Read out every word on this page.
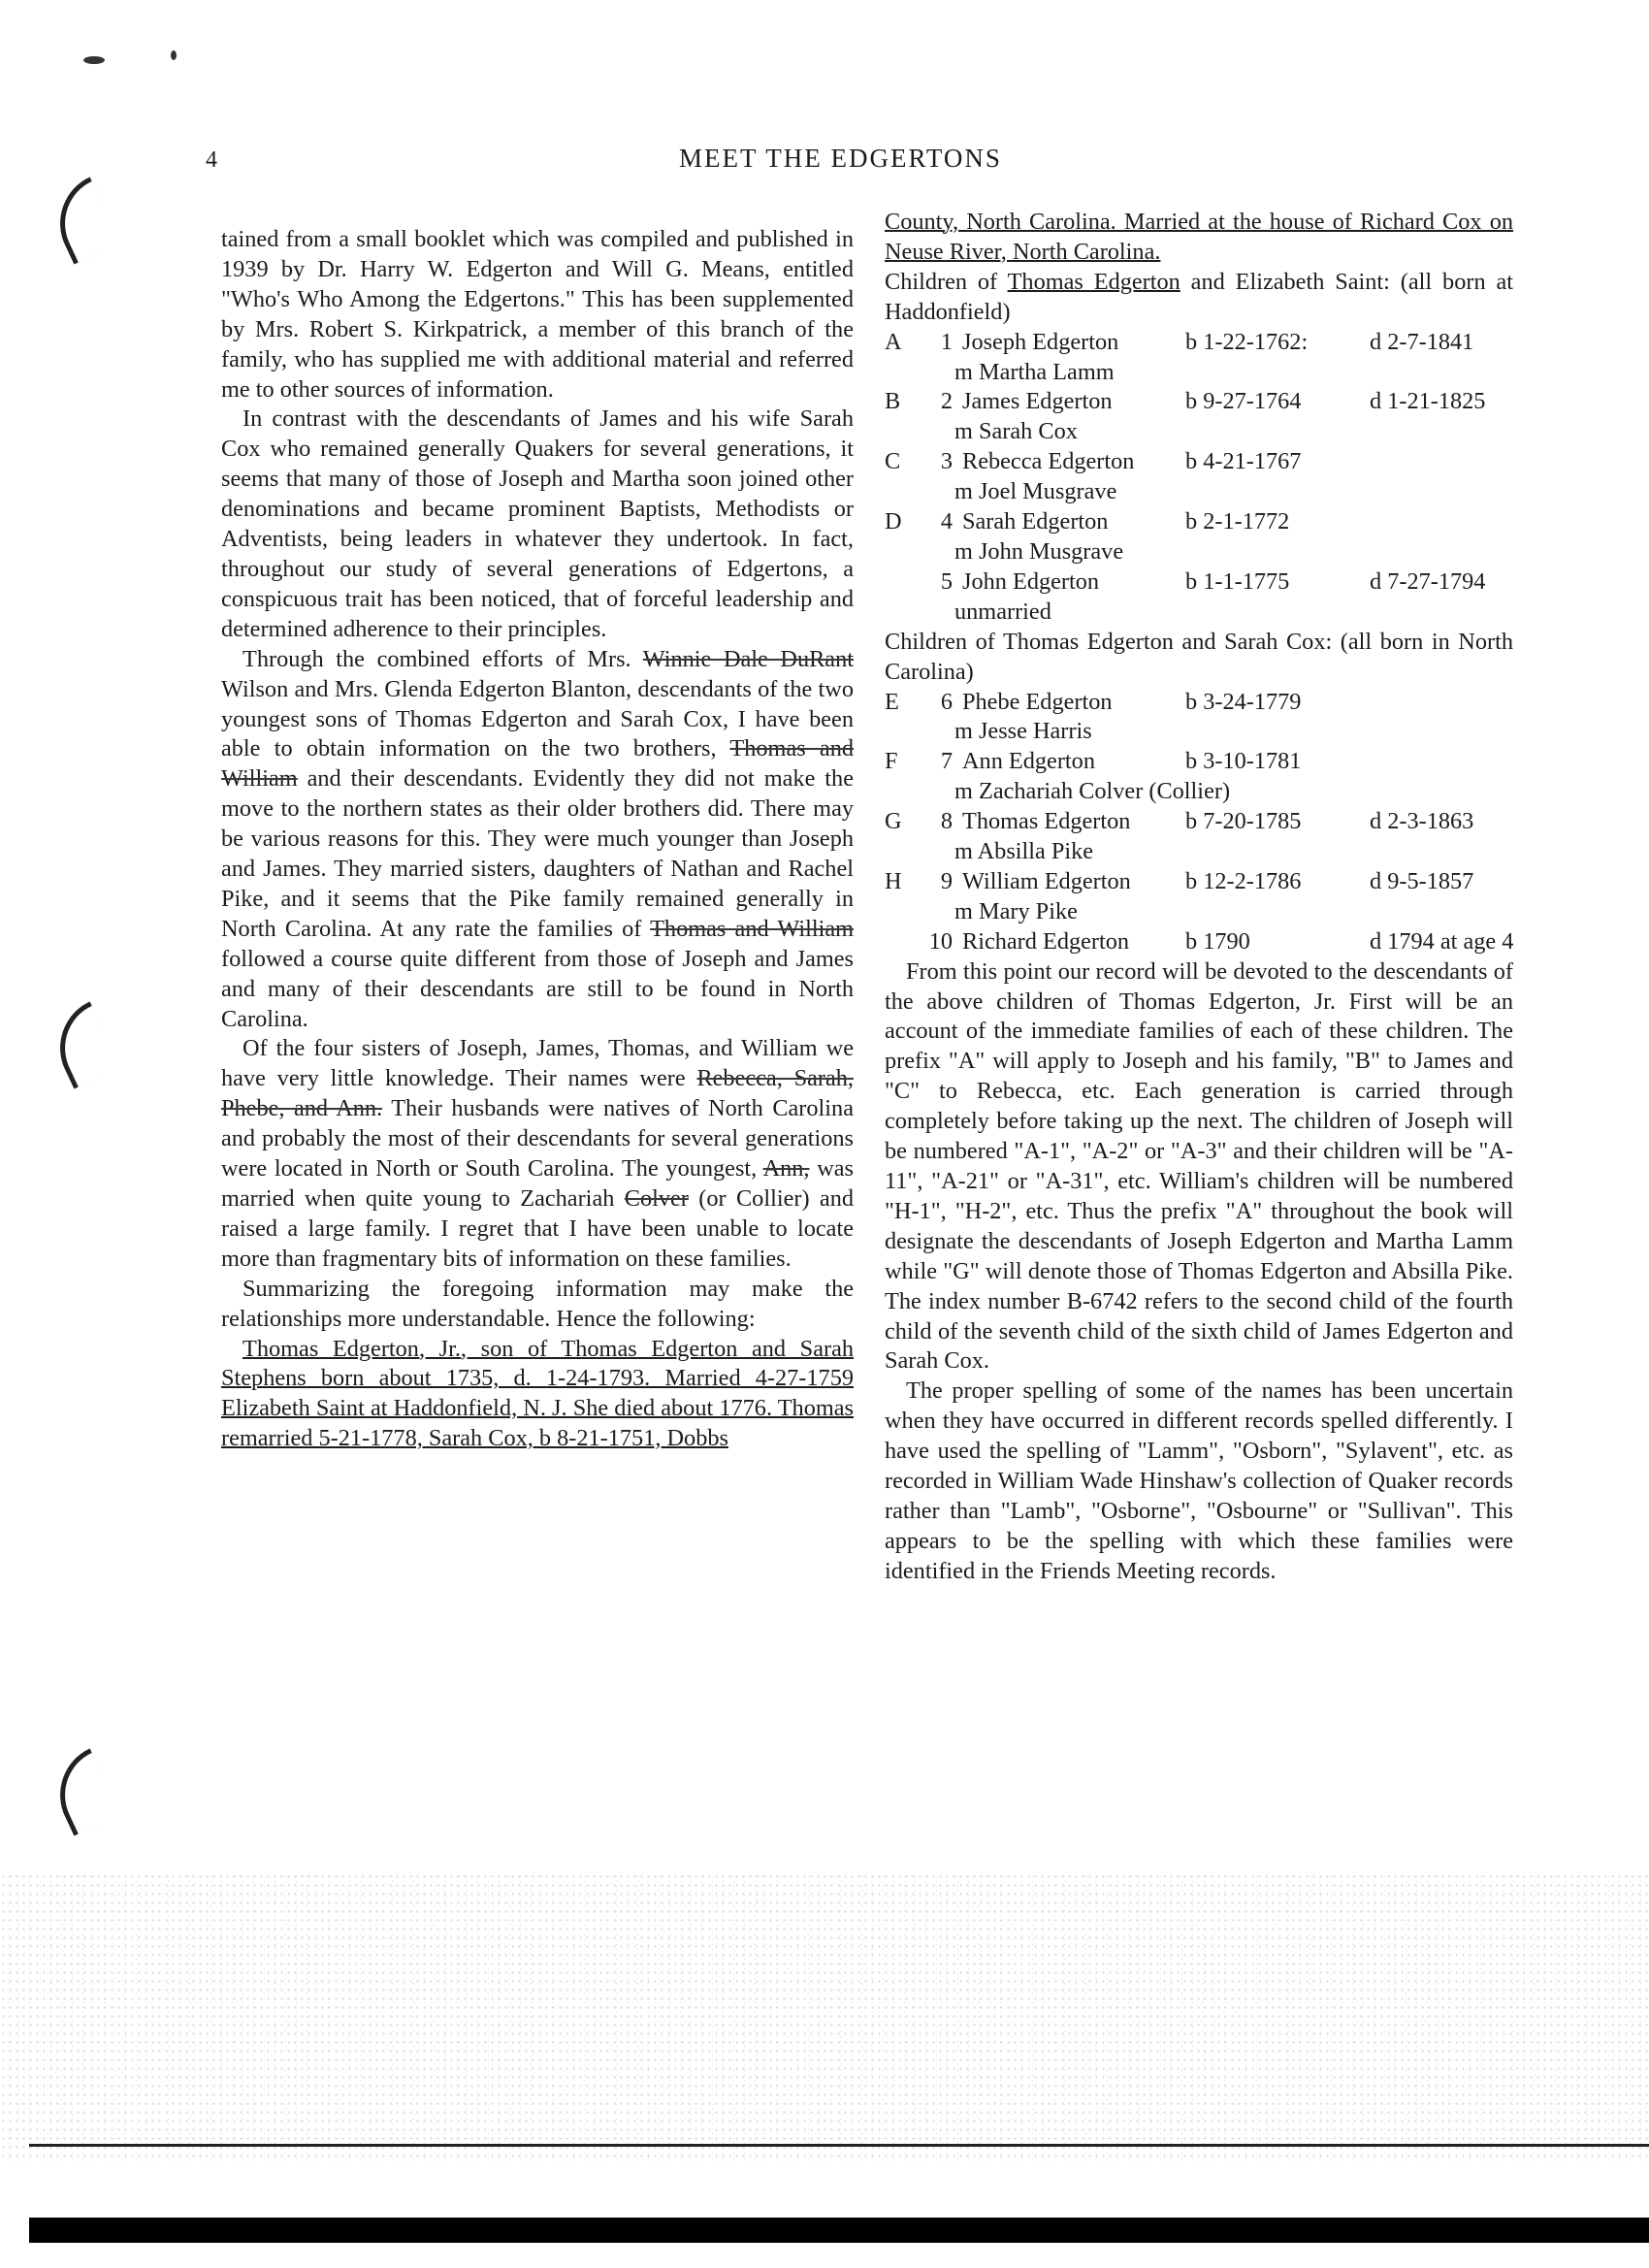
4	MEET THE EDGERTONS

tained from a small booklet which was compiled and published in 1939 by Dr. Harry W. Edgerton and Will G. Means, entitled "Who's Who Among the Edgertons." This has been supplemented by Mrs. Robert S. Kirkpatrick, a member of this branch of the family, who has supplied me with additional material and referred me to other sources of information.

In contrast with the descendants of James and his wife Sarah Cox who remained generally Quakers for several generations, it seems that many of those of Joseph and Martha soon joined other denominations and became prominent Baptists, Methodists or Adventists, being leaders in whatever they undertook. In fact, throughout our study of several generations of Edgertons, a conspicuous trait has been noticed, that of forceful leadership and determined adherence to their principles.

Through the combined efforts of Mrs. Winnie Dale DuRant Wilson and Mrs. Glenda Edgerton Blanton, descendants of the two youngest sons of Thomas Edgerton and Sarah Cox, I have been able to obtain information on the two brothers, Thomas and William and their descendants. Evidently they did not make the move to the northern states as their older brothers did. There may be various reasons for this. They were much younger than Joseph and James. They married sisters, daughters of Nathan and Rachel Pike, and it seems that the Pike family remained generally in North Carolina. At any rate the families of Thomas and William followed a course quite different from those of Joseph and James and many of their descendants are still to be found in North Carolina.

Of the four sisters of Joseph, James, Thomas, and William we have very little knowledge. Their names were Rebecca, Sarah, Phebe, and Ann. Their husbands were natives of North Carolina and probably the most of their descendants for several generations were located in North or South Carolina. The youngest, Ann, was married when quite young to Zachariah Colver (or Collier) and raised a large family. I regret that I have been unable to locate more than fragmentary bits of information on these families.

Summarizing the foregoing information may make the relationships more understandable. Hence the following:

Thomas Edgerton, Jr., son of Thomas Edgerton and Sarah Stephens born about 1735, d. 1-24-1793. Married 4-27-1759 Elizabeth Saint at Haddonfield, N. J. She died about 1776. Thomas remarried 5-21-1778, Sarah Cox, b 8-21-1751, Dobbs

County, North Carolina. Married at the house of Richard Cox on Neuse River, North Carolina.

Children of Thomas Edgerton and Elizabeth Saint: (all born at Haddonfield)

A	1 Joseph Edgerton	b 1-22-1762:	d 2-7-1841
m Martha Lamm
B	2 James Edgerton	b 9-27-1764	d 1-21-1825
m Sarah Cox
C	3 Rebecca Edgerton	b 4-21-1767
m Joel Musgrave
D	4 Sarah Edgerton	b 2-1-1772
m John Musgrave
5 John Edgerton	b 1-1-1775	d 7-27-1794
unmarried

Children of Thomas Edgerton and Sarah Cox: (all born in North Carolina)

E	6 Phebe Edgerton	b 3-24-1779
m Jesse Harris
F	7 Ann Edgerton	b 3-10-1781
m Zachariah Colver (Collier)
G	8 Thomas Edgerton	b 7-20-1785	d 2-3-1863
m Absilla Pike
H	9 William Edgerton	b 12-2-1786	d 9-5-1857
m Mary Pike
10 Richard Edgerton	b 1790	d 1794 at age 4

From this point our record will be devoted to the descendants of the above children of Thomas Edgerton, Jr. First will be an account of the immediate families of each of these children. The prefix "A" will apply to Joseph and his family, "B" to James and "C" to Rebecca, etc. Each generation is carried through completely before taking up the next. The children of Joseph will be numbered "A-1", "A-2" or "A-3" and their children will be "A-11", "A-21" or "A-31", etc. William's children will be numbered "H-1", "H-2", etc. Thus the prefix "A" throughout the book will designate the descendants of Joseph Edgerton and Martha Lamm while "G" will denote those of Thomas Edgerton and Absilla Pike. The index number B-6742 refers to the second child of the fourth child of the seventh child of the sixth child of James Edgerton and Sarah Cox.

The proper spelling of some of the names has been uncertain when they have occurred in different records spelled differently. I have used the spelling of "Lamm", "Osborn", "Sylavent", etc. as recorded in William Wade Hinshaw's collection of Quaker records rather than "Lamb", "Osborne", "Osbourne" or "Sullivan". This appears to be the spelling with which these families were identified in the Friends Meeting records.
